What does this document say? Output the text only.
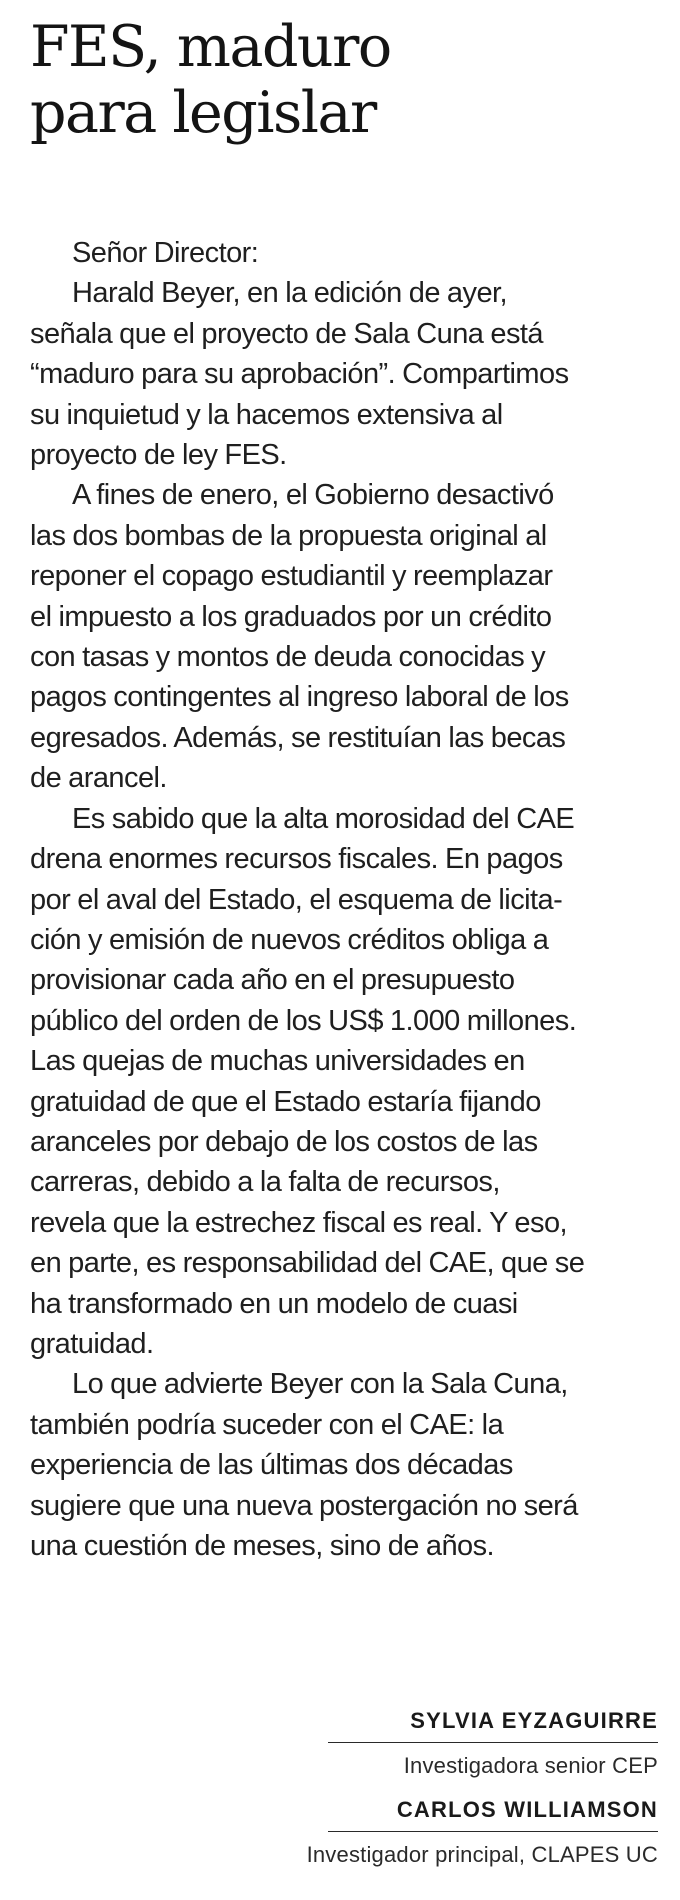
FES, maduro
para legislar

Señor Director:

Harald Beyer, en la edición de ayer,
señala que el proyecto de Sala Cuna está
“maduro para su aprobación”. Compartimos
su inquietud y la hacemos extensiva al
proyecto de ley FES.

A fines de enero, el Gobierno desactivó
las dos bombas de la propuesta original al
reponer el copago estudiantil y reemplazar
el impuesto a los graduados por un crédito
con tasas y montos de deuda conocidas y
pagos contingentes al ingreso laboral de los
egresados. Además, se restituían las becas
de arancel.

Es sabido que la alta morosidad del CAE
drena enormes recursos fiscales. En pagos
por el aval del Estado, el esquema de licita-
ción y emisión de nuevos créditos obliga a
provisionar cada año en el presupuesto
público del orden de los US$ 1.000 millones.
Las quejas de muchas universidades en
gratuidad de que el Estado estaría fijando
aranceles por debajo de los costos de las
carreras, debido a la falta de recursos,
revela que la estrechez fiscal es real. Y eso,
en parte, es responsabilidad del CAE, que se
ha transformado en un modelo de cuasi
gratuidad.

Lo que advierte Beyer con la Sala Cuna,
también podría suceder con el CAE: la
experiencia de las últimas dos décadas
sugiere que una nueva postergación no será
una cuestión de meses, sino de años.

SYLVIA EYZAGUIRRE
Investigadora senior CEP
CARLOS WILLIAMSON
Investigador principal, CLAPES UC
